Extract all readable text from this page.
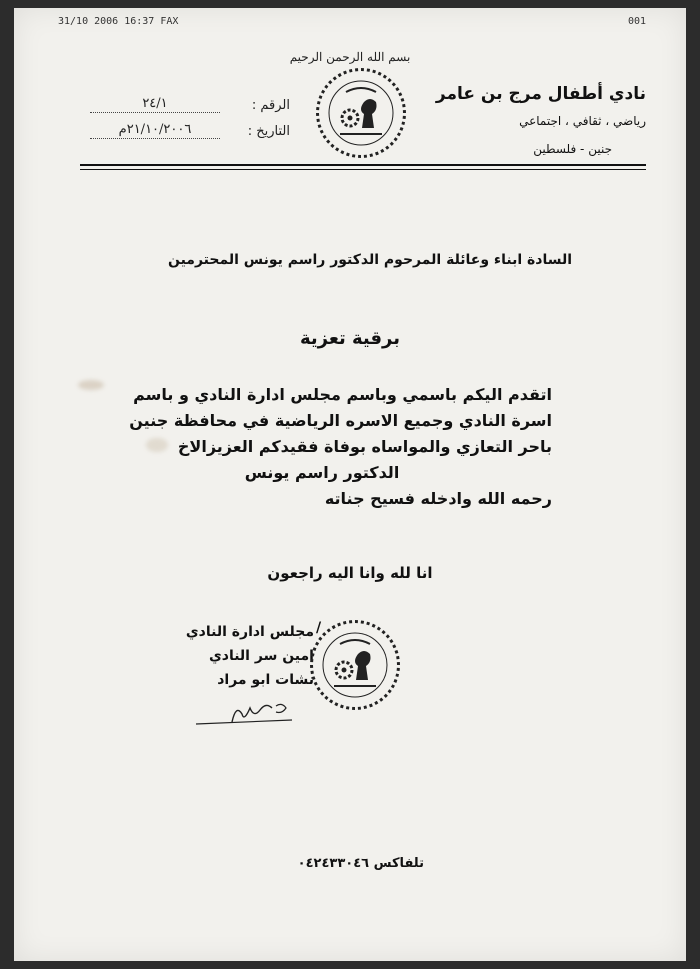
31/10 2006 16:37 FAX	001
بسم الله الرحمن الرحيم
نادي أطفال مرج بن عامر
رياضي ، ثقافي ، اجتماعي
جنين - فلسطين
الرقم :
٢٤/١
التاريخ :
٢١/١٠/٢٠٠٦م
السادة ابناء وعائلة المرحوم الدكتور راسم يونس المحترمين
برقية تعزية
اتقدم اليكم باسمي وباسم مجلس ادارة النادي و باسم
اسرة النادي وجميع الاسره الرياضية في محافظة جنين
باحر التعازي والمواساه بوفاة فقيدكم العزيزالاخ
الدكتور راسم يونس
رحمه الله وادخله فسيح جناته
انا لله وانا اليه راجعون
/
مجلس ادارة النادي
امين سر النادي
نشات ابو مراد
تلفاكس ٠٤٢٤٣٣٠٤٦
